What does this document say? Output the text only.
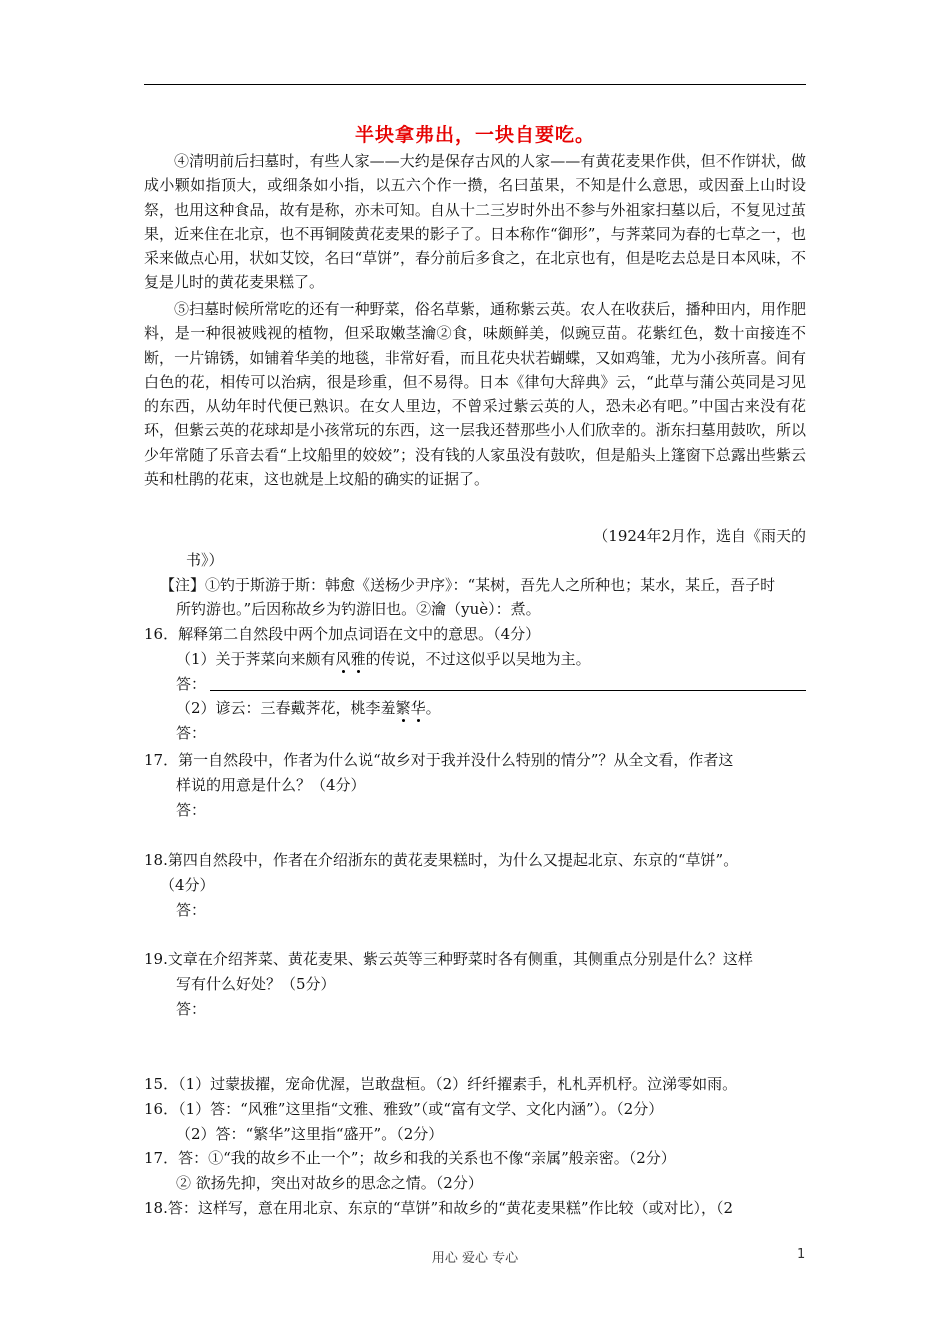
半块拿弗出，一块自要吃。
④清明前后扫墓时，有些人家——大约是保存古风的人家——有黄花麦果作供，但不作饼状，做成小颗如指顶大，或细条如小指，以五六个作一攒，名曰茧果，不知是什么意思，或因蚕上山时设祭，也用这种食品，故有是称，亦未可知。自从十二三岁时外出不参与外祖家扫墓以后，不复见过茧果，近来住在北京，也不再铜陵黄花麦果的影子了。日本称作“御形”，与荠菜同为春的七草之一，也采来做点心用，状如艾饺，名曰“草饼”，春分前后多食之，在北京也有，但是吃去总是日本风味，不复是儿时的黄花麦果糕了。
⑤扫墓时候所常吃的还有一种野菜，俗名草紫，通称紫云英。农人在收获后，播种田内，用作肥料，是一种很被贱视的植物，但采取嫩茎瀹②食，味颇鲜美，似豌豆苗。花紫红色，数十亩接连不断，一片锦锈，如铺着华美的地毯，非常好看，而且花央状若蝴蝶，又如鸡雏，尤为小孩所喜。间有白色的花，相传可以治病，很是珍重，但不易得。日本《律句大辞典》云，“此草与蒲公英同是习见的东西，从幼年时代便已熟识。在女人里边，不曾采过紫云英的人，恐未必有吧。”中国古来没有花环，但紫云英的花球却是小孩常玩的东西，这一层我还替那些小人们欣幸的。浙东扫墓用鼓吹，所以少年常随了乐音去看“上坟船里的姣姣”；没有钱的人家虽没有鼓吹，但是船头上篷窗下总露出些紫云英和杜鹃的花束，这也就是上坟船的确实的证据了。
（1924年2月作，选自《雨天的
书》）
【注】①钓于斯游于斯：韩愈《送杨少尹序》：“某树，吾先人之所种也；某水，某丘，吾子时
所钓游也。”后因称故乡为钓游旧也。②瀹（yuè）：煮。
16．解释第二自然段中两个加点词语在文中的意思。（4分）
（1）关于荠菜向来颇有风雅的传说，不过这似乎以吴地为主。
答：
（2）谚云：三春戴荠花，桃李羞繁华。
答：
17．第一自然段中，作者为什么说“故乡对于我并没什么特别的情分”？从全文看，作者这
样说的用意是什么？（4分）
答：
18.第四自然段中，作者在介绍浙东的黄花麦果糕时，为什么又提起北京、东京的“草饼”。
（4分）
答：
19.文章在介绍荠菜、黄花麦果、紫云英等三种野菜时各有侧重，其侧重点分别是什么？这样
写有什么好处？（5分）
答：
15．（1）过蒙拔擢，宠命优渥，岂敢盘桓。（2）纤纤擢素手，札札弄机杼。泣涕零如雨。
16．（1）答：“风雅”这里指“文雅、雅致”（或“富有文学、文化内涵”）。（2分）
（2）答：“繁华”这里指“盛开”。（2分）
17．答：①“我的故乡不止一个”；故乡和我的关系也不像“亲属”般亲密。（2分）
② 欲扬先抑，突出对故乡的思念之情。（2分）
18.答：这样写，意在用北京、东京的“草饼”和故乡的“黄花麦果糕”作比较（或对比），（2
用心 爱心 专心	1
